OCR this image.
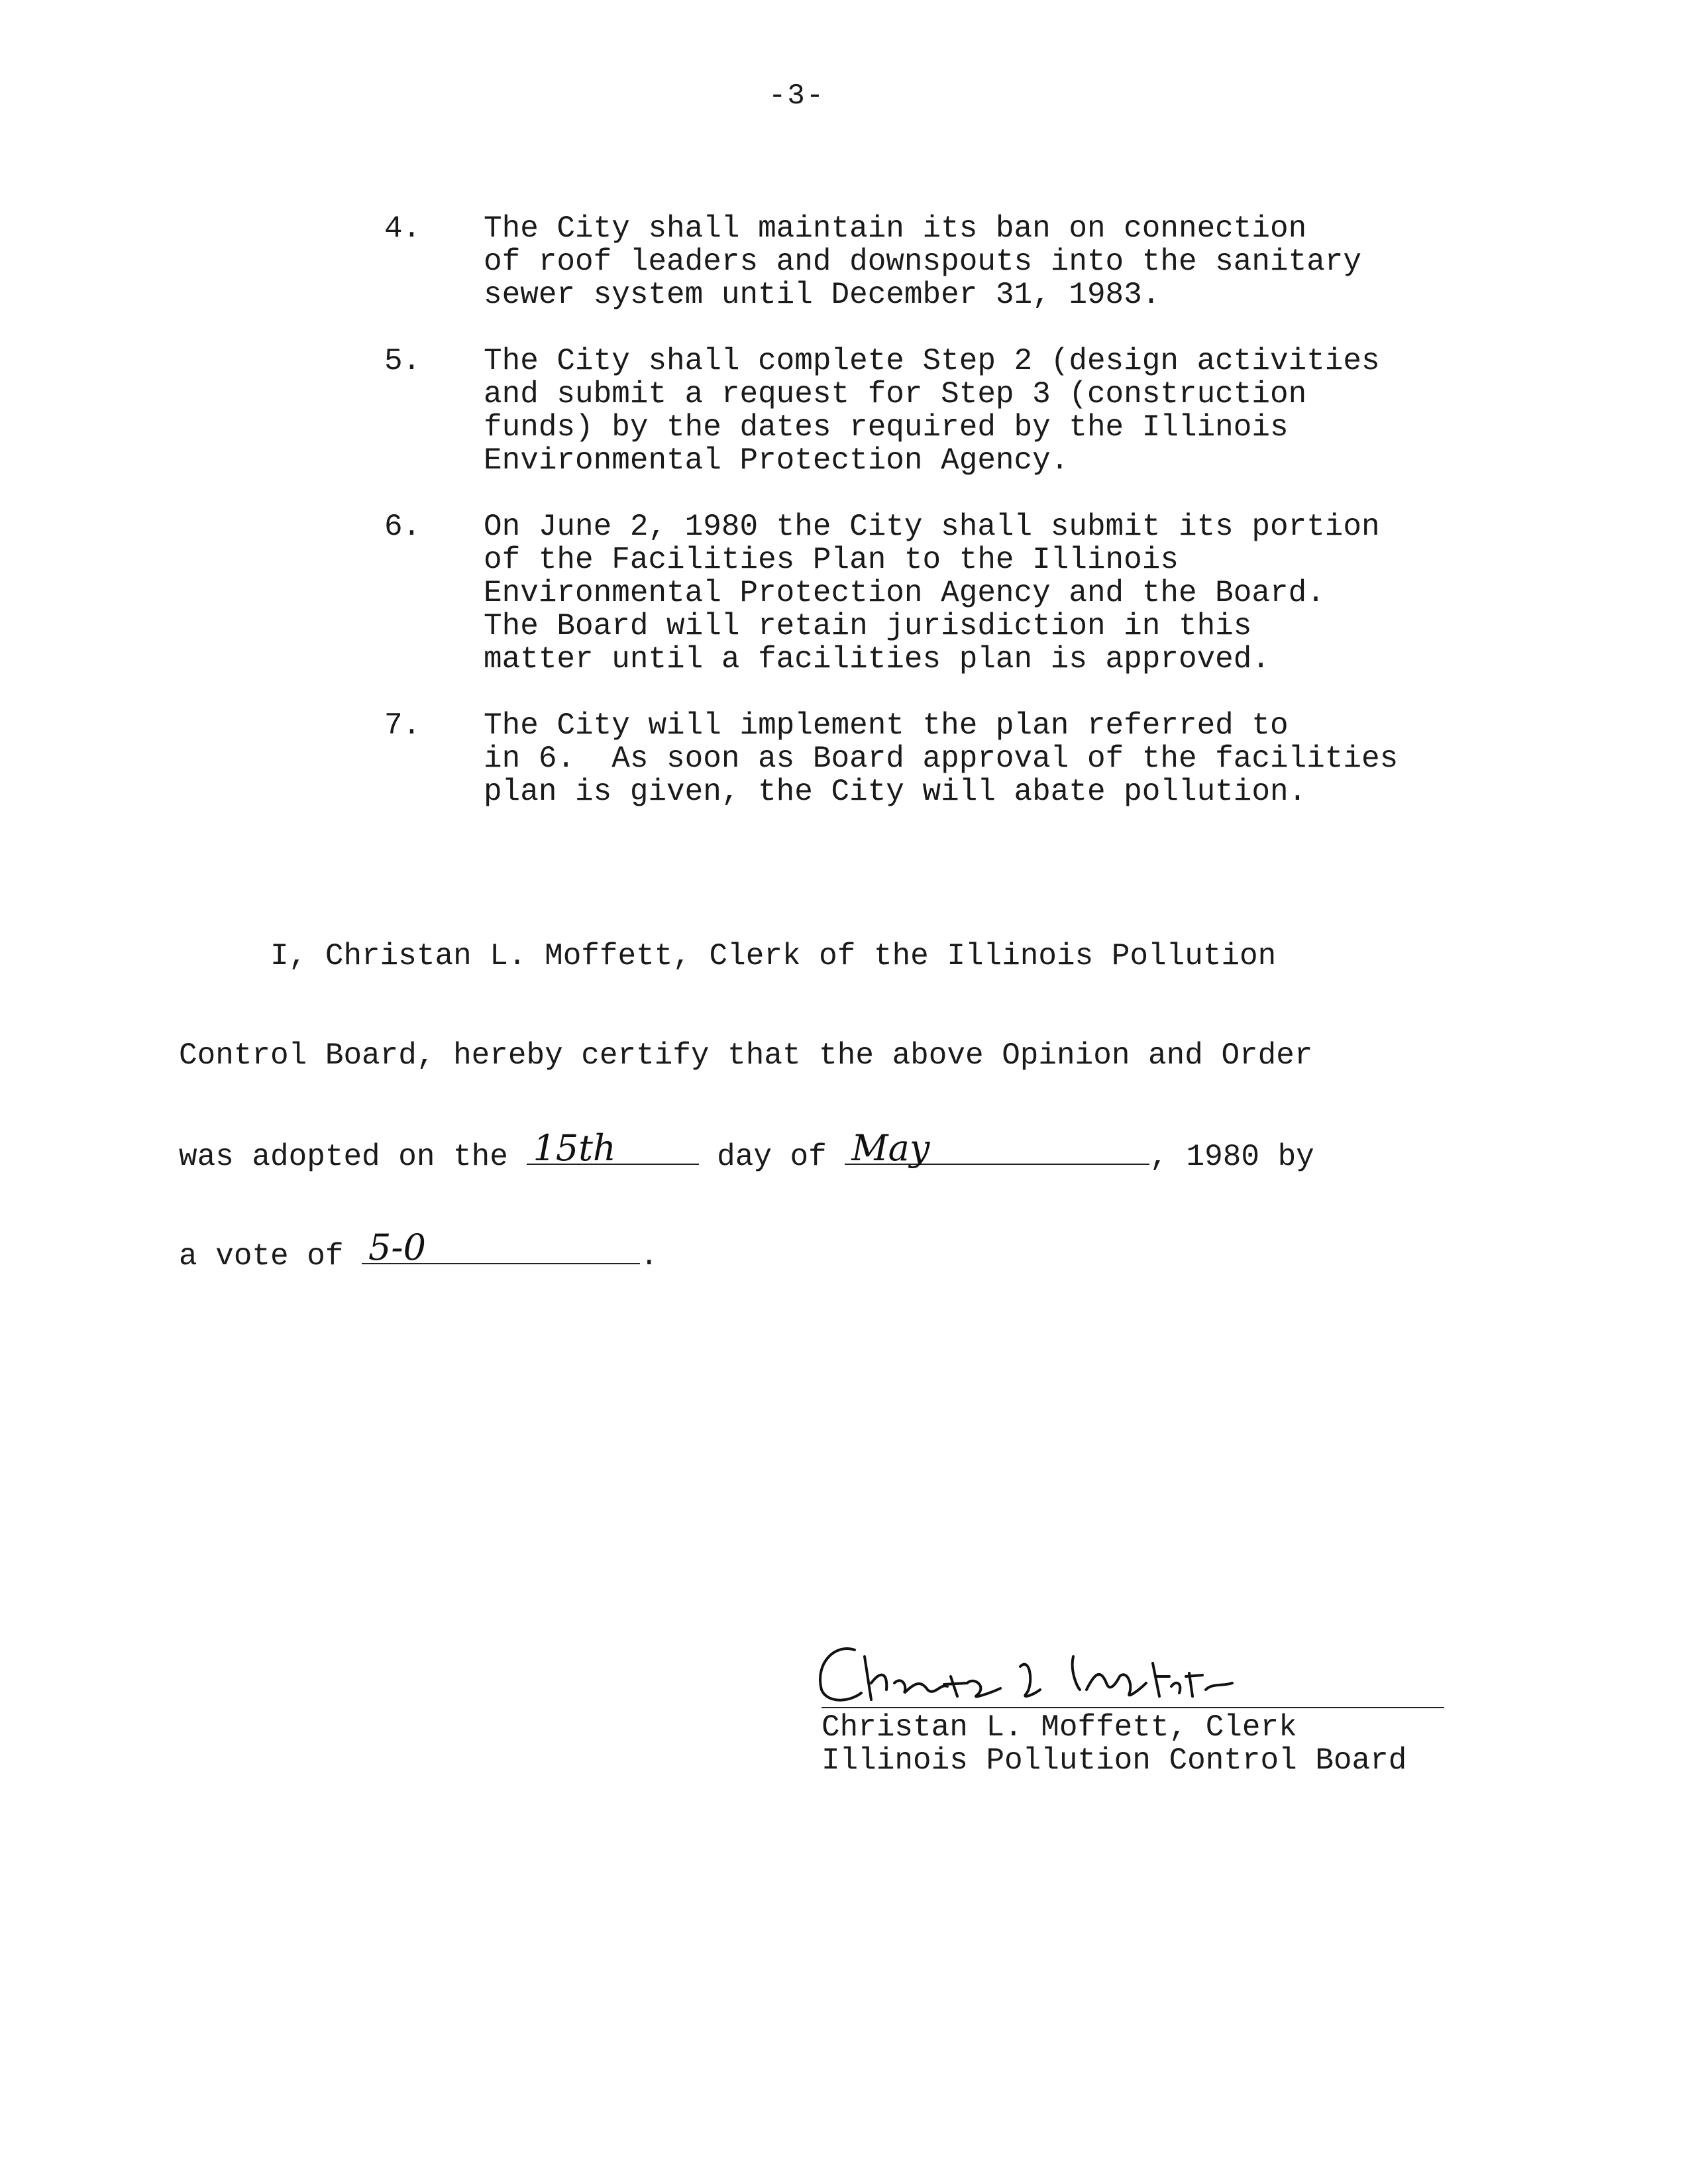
-3-
4. The City shall maintain its ban on connection
of roof leaders and downspouts into the sanitary
sewer system until December 31, 1983.
5. The City shall complete Step 2 (design activities
and submit a request for Step 3 (construction
funds) by the dates required by the Illinois
Environmental Protection Agency.
6. On June 2, 1980 the City shall submit its portion
of the Facilities Plan to the Illinois
Environmental Protection Agency and the Board.
The Board will retain jurisdiction in this
matter until a facilities plan is approved.
7. The City will implement the plan referred to
in 6.  As soon as Board approval of the facilities
plan is given, the City will abate pollution.

I, Christan L. Moffett, Clerk of the Illinois Pollution

Control Board, hereby certify that the above Opinion and Order

was adopted on the 15th	day of May	, 1980 by

a vote of 5-0	.

Christan L. Moffett, Clerk
Illinois Pollution Control Board
